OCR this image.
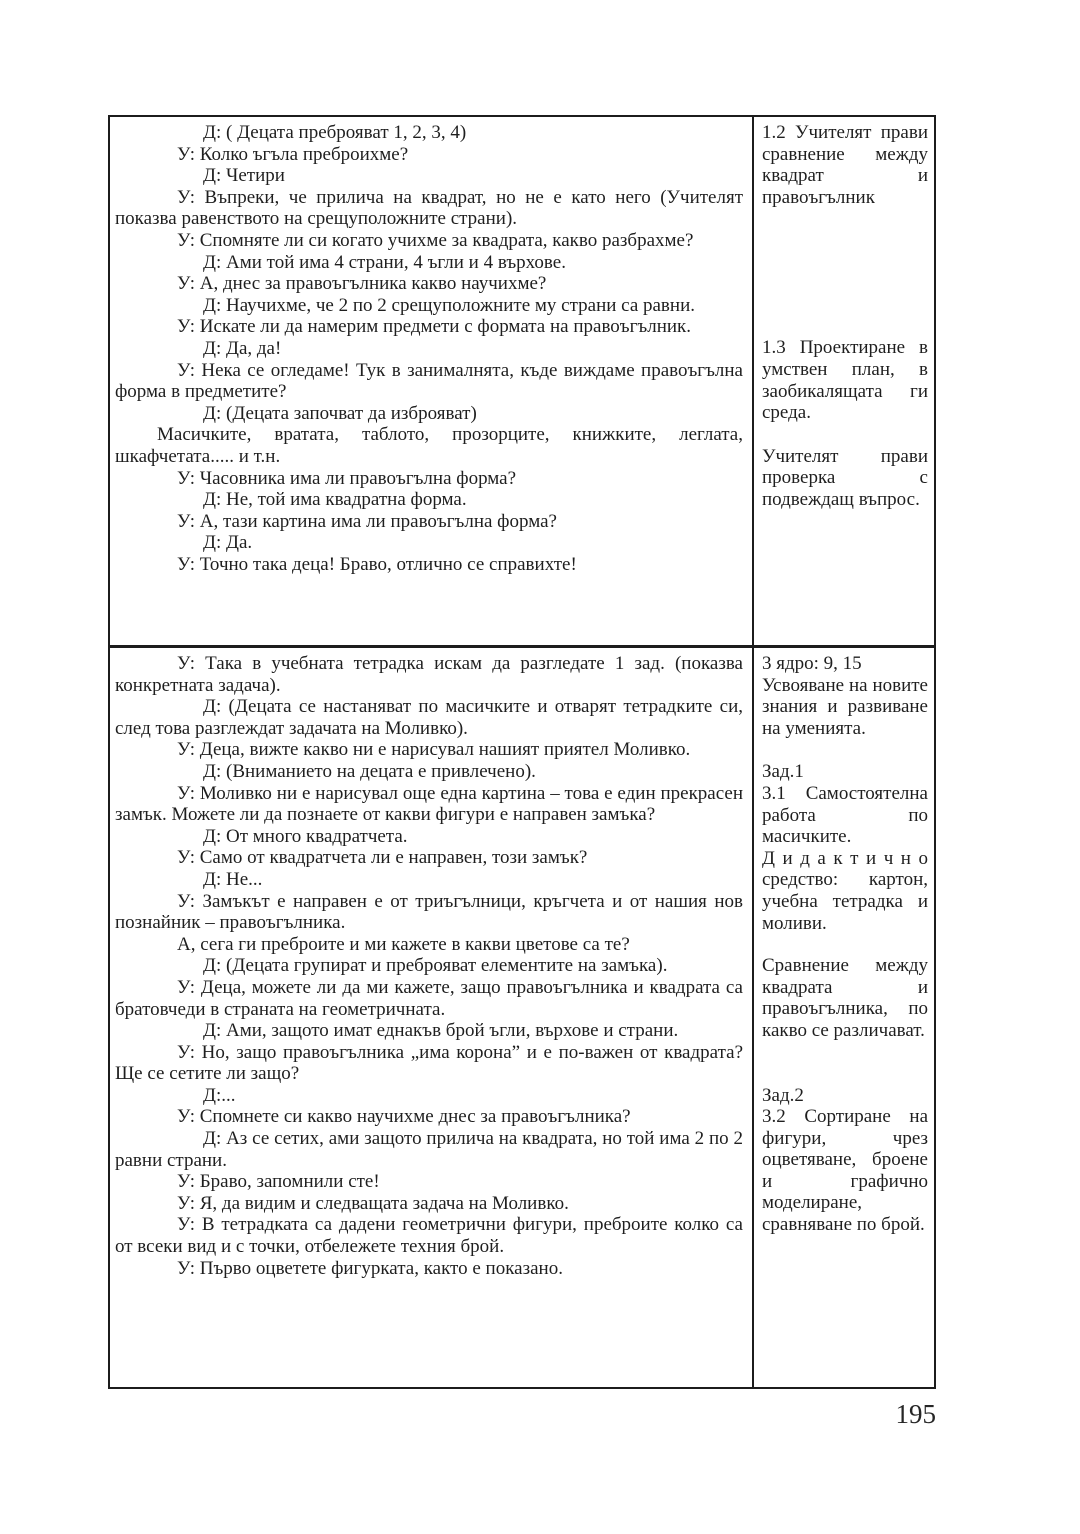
Д: ( Децата преброяват 1, 2, 3, 4)

У: Колко ъгъла преброихме?

Д: Четири

У: Въпреки, че прилича на квадрат, но не е като него (Учителят показва равенството на срещуположните страни).

У: Спомняте ли си когато учихме за квадрата, какво разбрахме?

Д: Ами той има 4 страни, 4 ъгли и 4 върхове.

У: А, днес за правоъгълника какво научихме?

Д: Научихме, че 2 по 2 срещуположните му страни са равни.

У: Искате ли да намерим предмети с формата на правоъгълник.

Д: Да, да!

У: Нека се огледаме! Тук в занималнята, къде виждаме правоъгълна форма в предметите?

Д: (Децата започват да изброяват)

Масичките, вратата, таблото, прозорците, книжките, леглата, шкафчетата..... и т.н.

У: Часовника има ли правоъгълна форма?

Д: Не, той има квадратна форма.

У: А, тази картина има ли правоъгълна форма?

Д: Да.

У: Точно така деца! Браво, отлично се справихте!

1.2 Учителят прави сравнение между квадрат и правоъгълник

1.3 Проектиране в умствен план, в заобикалящата ги среда.

Учителят прави проверка с подвеждащ въпрос.

У: Така в учебната тетрадка искам да разгледате 1 зад. (показва конкретната задача).

Д: (Децата се настаняват по масичките и отварят тетрадките си, след това разглеждат задачата на Моливко).

У: Деца, вижте какво ни е нарисувал нашият приятел Моливко.

Д: (Вниманието на децата е привлечено).

У: Моливко ни е нарисувал още една картина – това е един прекрасен замък. Можете ли да познаете от какви фигури е направен замъка?

Д: От много квадратчета.

У: Само от квадратчета ли е направен, този замък?

Д: Не...

У: Замъкът е направен е от триъгълници, кръгчета и от нашия нов познайник – правоъгълника.

А, сега ги преброите и ми кажете в какви цветове са те?

Д: (Децата групират и преброяват елементите на замъка).

У: Деца, можете ли да ми кажете, защо правоъгълника и квадрата са братовчеди в страната на геометричната.

Д: Ами, защото имат еднакъв брой ъгли, върхове и страни.

У: Но, защо правоъгълника „има корона” и е по-важен от квадрата? Ще се сетите ли защо?

Д:...

У: Спомнете си какво научихме днес за правоъгълника?

Д: Аз се сетих, ами защото прилича на квадрата, но той има 2 по 2 равни страни.

У: Браво, запомнили сте!

У: Я, да видим и следващата задача на Моливко.

У: В тетрадката са дадени геометрични фигури, преброите колко са от всеки вид и с точки, отбележете техния брой.

У: Първо оцветете фигурката, както е показано.

3 ядро: 9, 15

Усвояване на новите знания и развиване на уменията.

Зад.1

3.1 Самостоятелна работа по масичките.

Д и д а к т и ч н о средство: картон, учебна тетрадка и моливи.

Сравнение между квадрата и правоъгълника, по какво се различават.

Зад.2

3.2 Сортиране на фигури, чрез оцветяване, броене и графично моделиране, сравняване по брой.

195
